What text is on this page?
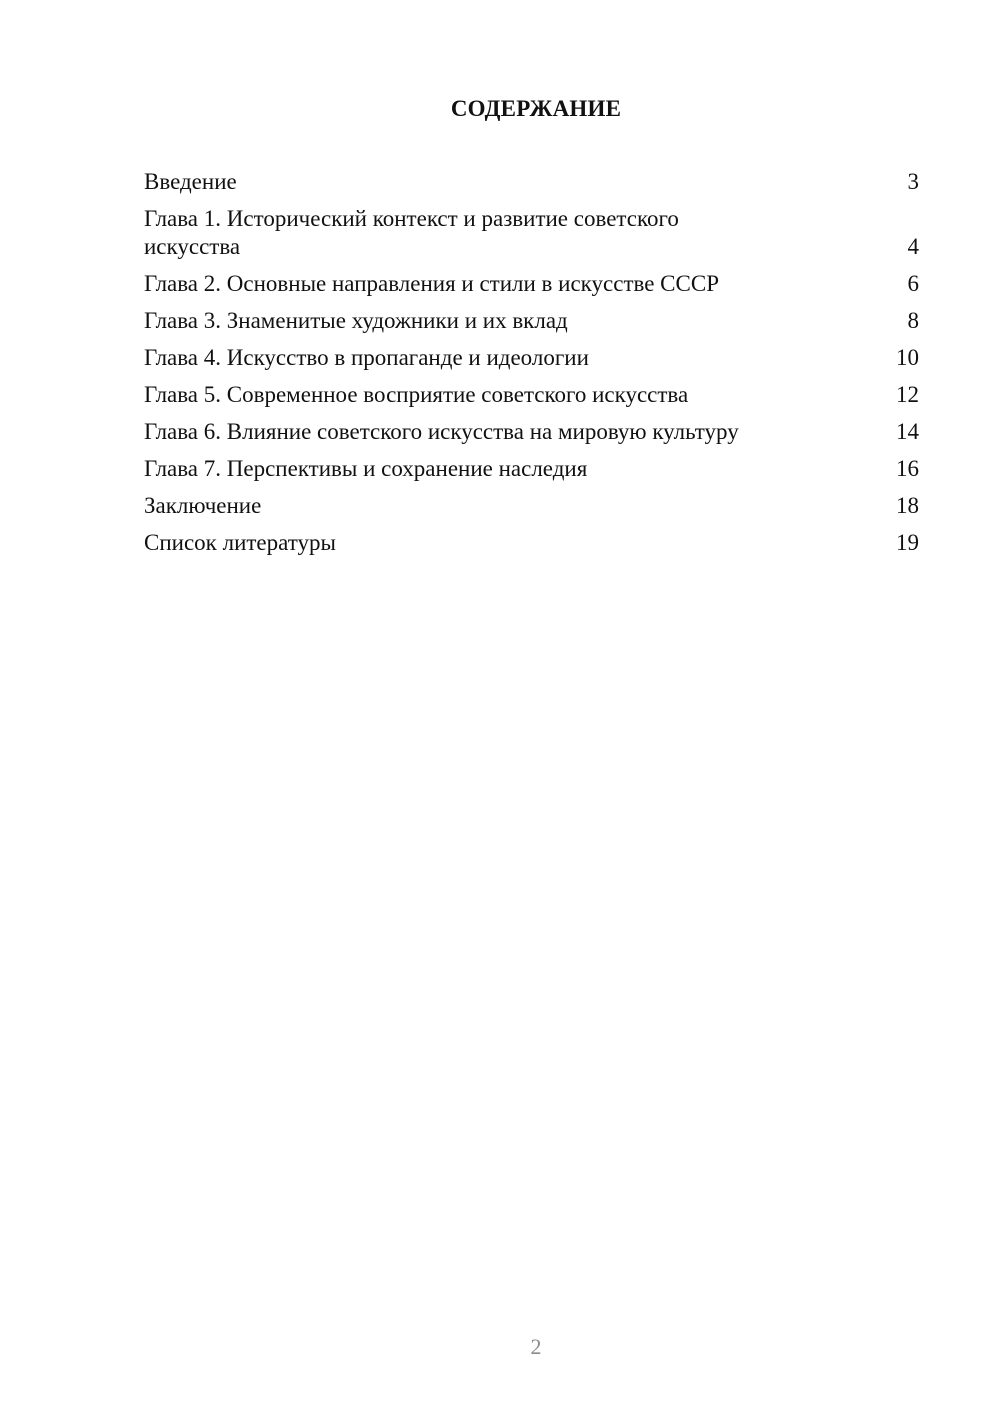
СОДЕРЖАНИЕ
Введение	3
Глава 1. Исторический контекст и развитие советского искусства	4
Глава 2. Основные направления и стили в искусстве СССР	6
Глава 3. Знаменитые художники и их вклад	8
Глава 4. Искусство в пропаганде и идеологии	10
Глава 5. Современное восприятие советского искусства	12
Глава 6. Влияние советского искусства на мировую культуру	14
Глава 7. Перспективы и сохранение наследия	16
Заключение	18
Список литературы	19
2
